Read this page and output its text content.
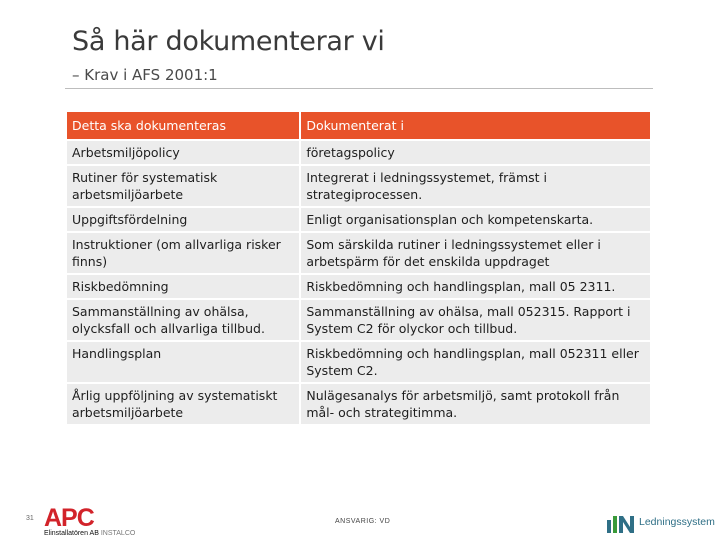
Så här dokumenterar vi
– Krav i AFS 2001:1
Detta ska dokumenteras	Dokumenterat i
Arbetsmiljöpolicy	företagspolicy
Rutiner för systematisk arbetsmiljöarbete	Integrerat i ledningssystemet, främst i strategiprocessen.
Uppgiftsfördelning	Enligt organisationsplan och kompetenskarta.
Instruktioner (om allvarliga risker finns)	Som särskilda rutiner i ledningssystemet eller i arbetspärm för det enskilda uppdraget
Riskbedömning	Riskbedömning och handlingsplan, mall 05 2311.
Sammanställning av ohälsa, olycksfall och allvarliga tillbud.	Sammanställning av ohälsa, mall 052315. Rapport i System C2 för olyckor och tillbud.
Handlingsplan	Riskbedömning och handlingsplan, mall 052311 eller System C2.
Årlig uppföljning av systematiskt arbetsmiljöarbete	Nulägesanalys för arbetsmiljö, samt protokoll från mål- och strategitimma.
31 APC
Elinstallatören AB INSTALCO
ANSVARIG: VD	Ledningssystem
